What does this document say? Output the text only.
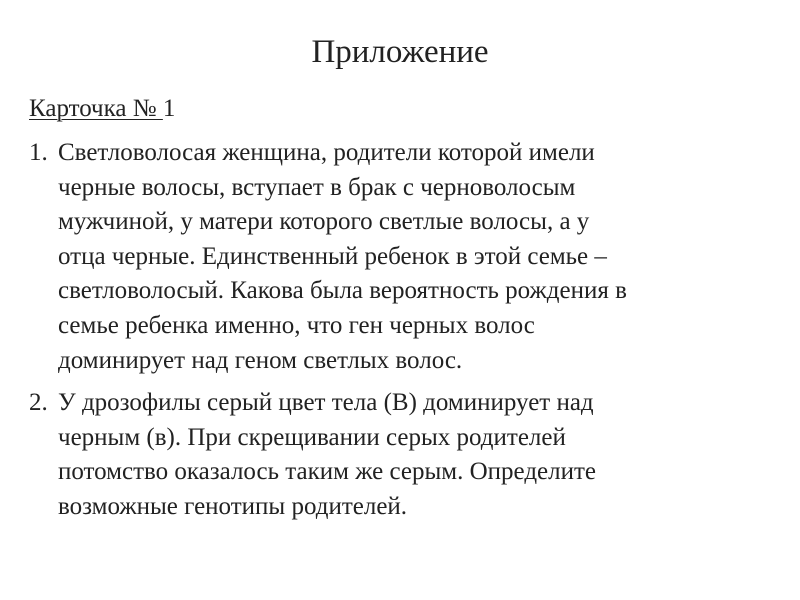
Приложение
Карточка № 1
1. Светловолосая женщина, родители которой имели
черные волосы, вступает в брак с черноволосым
мужчиной, у матери которого светлые волосы, а у
отца черные. Единственный ребенок в этой семье –
светловолосый. Какова была вероятность рождения в
семье ребенка именно, что ген черных волос
доминирует над геном светлых волос.
2. У дрозофилы серый цвет тела (В) доминирует над
черным (в). При скрещивании серых родителей
потомство оказалось таким же серым. Определите
возможные генотипы родителей.
